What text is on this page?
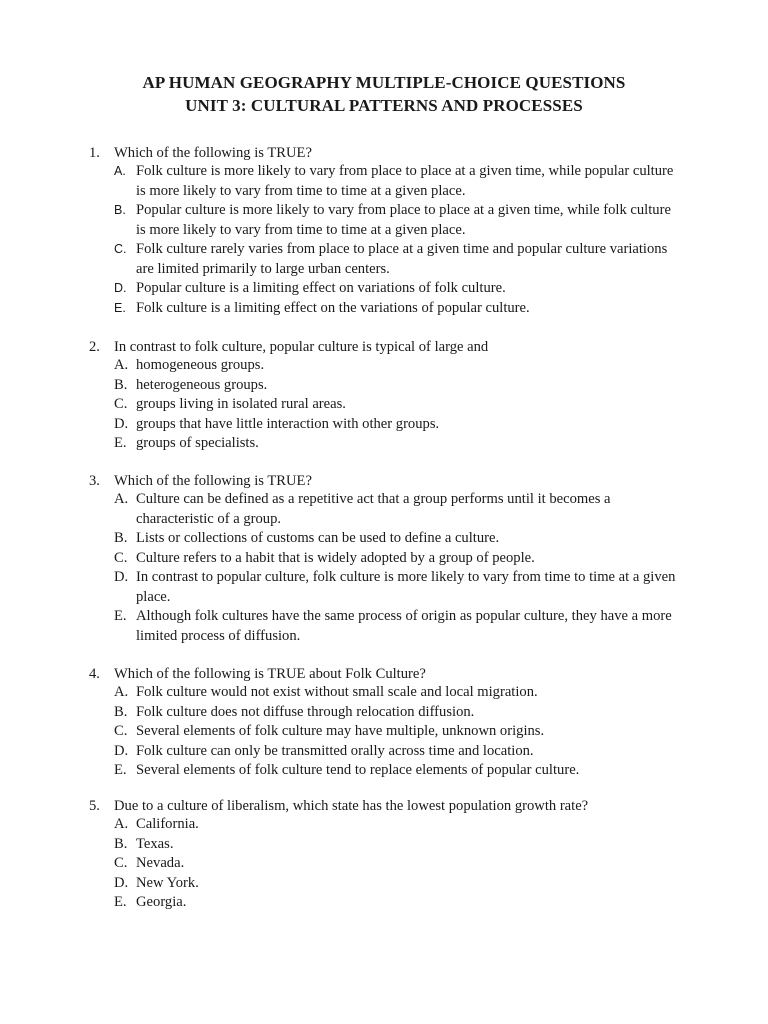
AP HUMAN GEOGRAPHY MULTIPLE-CHOICE QUESTIONS
UNIT 3: CULTURAL PATTERNS AND PROCESSES
1. Which of the following is TRUE?
A. Folk culture is more likely to vary from place to place at a given time, while popular culture is more likely to vary from time to time at a given place.
B. Popular culture is more likely to vary from place to place at a given time, while folk culture is more likely to vary from time to time at a given place.
C. Folk culture rarely varies from place to place at a given time and popular culture variations are limited primarily to large urban centers.
D. Popular culture is a limiting effect on variations of folk culture.
E. Folk culture is a limiting effect on the variations of popular culture.
2. In contrast to folk culture, popular culture is typical of large and
A. homogeneous groups.
B. heterogeneous groups.
C. groups living in isolated rural areas.
D. groups that have little interaction with other groups.
E. groups of specialists.
3. Which of the following is TRUE?
A. Culture can be defined as a repetitive act that a group performs until it becomes a characteristic of a group.
B. Lists or collections of customs can be used to define a culture.
C. Culture refers to a habit that is widely adopted by a group of people.
D. In contrast to popular culture, folk culture is more likely to vary from time to time at a given place.
E. Although folk cultures have the same process of origin as popular culture, they have a more limited process of diffusion.
4. Which of the following is TRUE about Folk Culture?
A. Folk culture would not exist without small scale and local migration.
B. Folk culture does not diffuse through relocation diffusion.
C. Several elements of folk culture may have multiple, unknown origins.
D. Folk culture can only be transmitted orally across time and location.
E. Several elements of folk culture tend to replace elements of popular culture.
5. Due to a culture of liberalism, which state has the lowest population growth rate?
A. California.
B. Texas.
C. Nevada.
D. New York.
E. Georgia.
